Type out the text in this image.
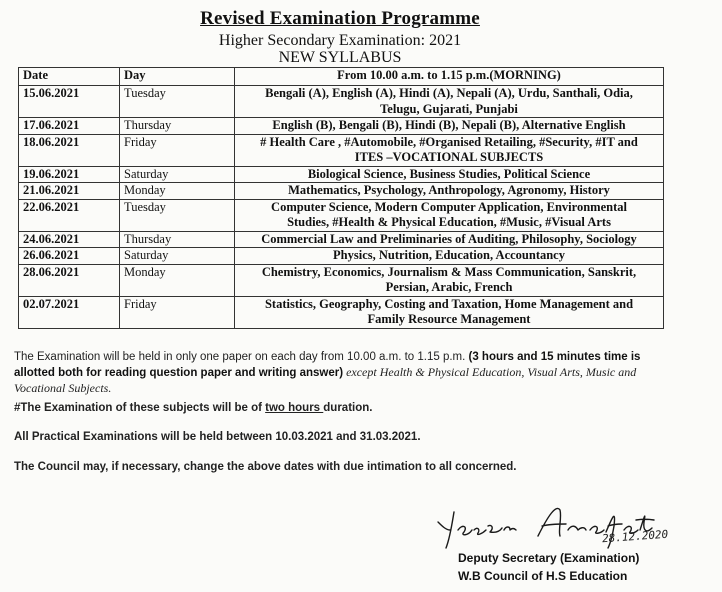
Revised Examination Programme
Higher Secondary Examination: 2021
NEW SYLLABUS
Date	Day	From 10.00 a.m. to 1.15 p.m.(MORNING)
15.06.2021	Tuesday	Bengali (A), English (A), Hindi (A), Nepali (A), Urdu, Santhali, Odia,
Telugu, Gujarati, Punjabi

17.06.2021	Thursday	English (B), Bengali (B), Hindi (B), Nepali (B), Alternative English

18.06.2021	Friday	# Health Care , #Automobile, #Organised Retailing, #Security, #IT and
ITES –VOCATIONAL SUBJECTS

19.06.2021	Saturday	Biological Science, Business Studies, Political Science

21.06.2021	Monday	Mathematics, Psychology, Anthropology, Agronomy, History

22.06.2021	Tuesday	Computer Science, Modern Computer Application, Environmental
Studies, #Health & Physical Education, #Music, #Visual Arts

24.06.2021	Thursday	Commercial Law and Preliminaries of Auditing, Philosophy, Sociology

26.06.2021	Saturday	Physics, Nutrition, Education, Accountancy

28.06.2021	Monday	Chemistry, Economics, Journalism & Mass Communication, Sanskrit,
Persian, Arabic, French

02.07.2021	Friday	Statistics, Geography, Costing and Taxation, Home Management and
Family Resource Management
The Examination will be held in only one paper on each day from 10.00 a.m. to 1.15 p.m. (3 hours and 15 minutes time is allotted both for reading question paper and writing answer) except Health & Physical Education, Visual Arts, Music and Vocational Subjects.
#The Examination of these subjects will be of two hours duration.
All Practical Examinations will be held between 10.03.2021 and 31.03.2021.
The Council may, if necessary, change the above dates with due intimation to all concerned.
28.12.2020
Deputy Secretary (Examination)
W.B Council of H.S Education
